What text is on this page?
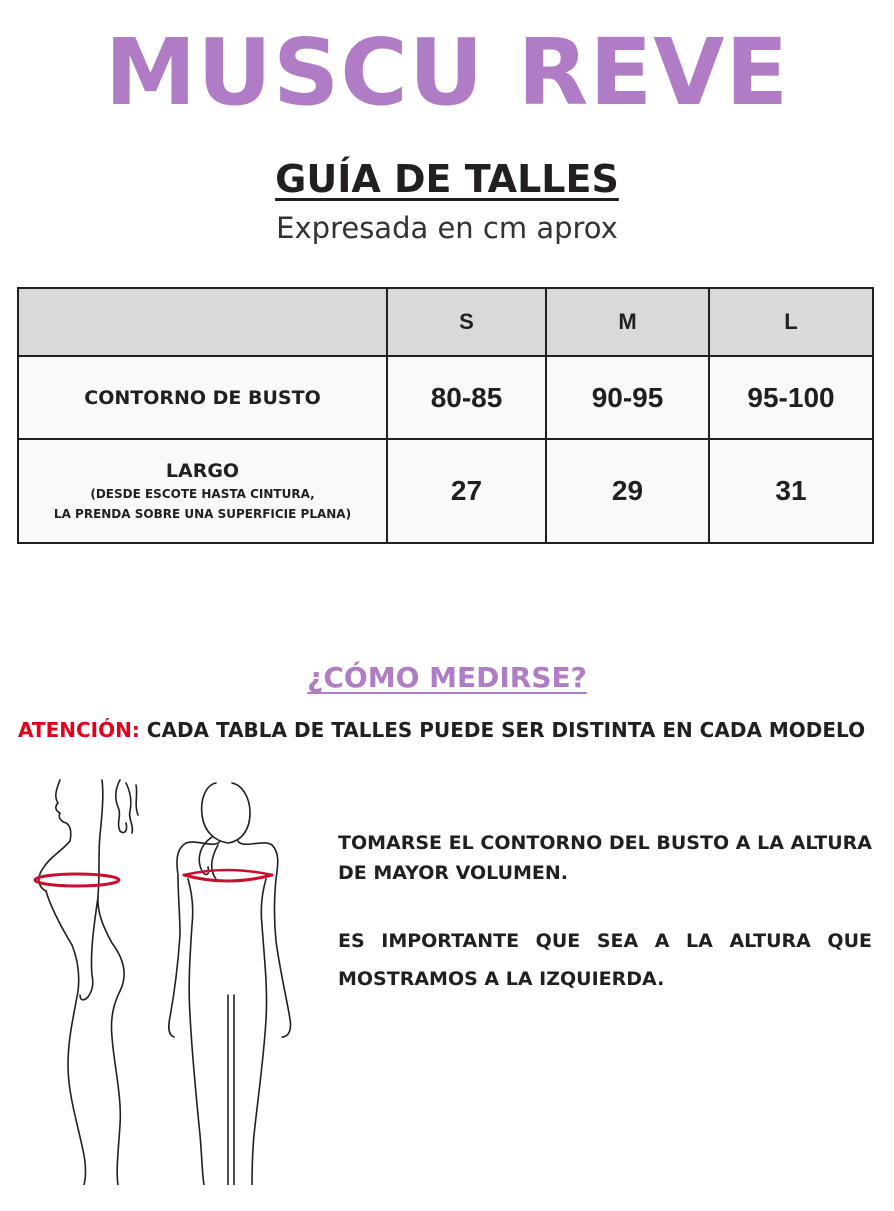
MUSCU REVE
GUÍA DE TALLES
Expresada en cm aprox
	S	M	L
CONTORNO DE BUSTO	80-85	90-95	95-100

LARGO
(DESDE ESCOTE HASTA CINTURA,
LA PRENDA SOBRE UNA SUPERFICIE PLANA)	27	29	31
¿CÓMO MEDIRSE?
ATENCIÓN: CADA TABLA DE TALLES PUEDE SER DISTINTA EN CADA MODELO
TOMARSE EL CONTORNO DEL BUSTO A LA ALTURA DE MAYOR VOLUMEN.
ES IMPORTANTE QUE SEA A LA ALTURA QUE MOSTRAMOS A LA IZQUIERDA.
